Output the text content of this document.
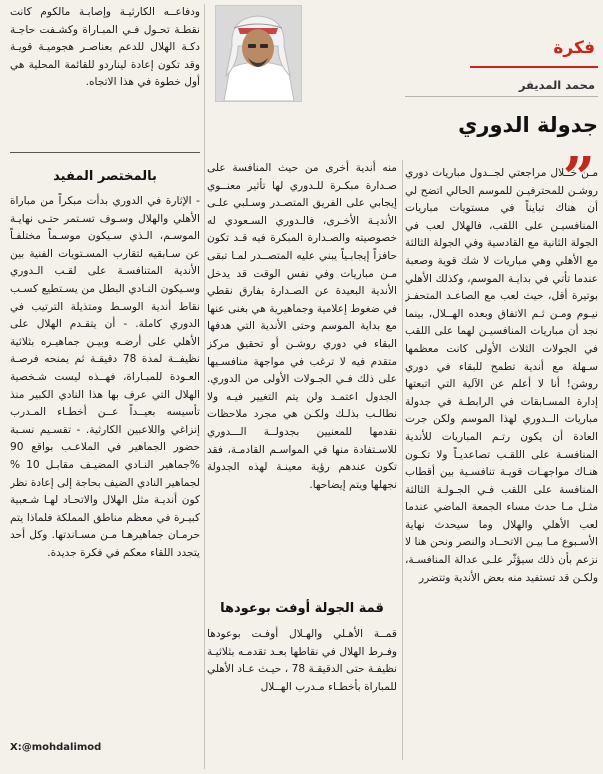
فكرة
محمد المديفر
جدولة الدوري
”

مـن خــلال مراجعتي لجــدول مباريات دوري روشـن للمحترفيـن للموسم الحالي اتضح لي أن هناك تبايناً في مستويات مباريات المنافسيـن على اللقب، فالهلال لعب في الجولة الثانية مع القادسية وفي الجولة الثالثة مع الأهلي وهي مباريات لا شك قوية وصعبة عندما تأتي في بدايـة الموسم، وكذلك الأهلي بوتيرة أقل، حيث لعب مع الصاعـد المتحفـز نيـوم ومـن ثـم الاتفاق وبعده الهــلال، بينما نجد أن مباريات المنافسيـن لهما على اللقب في الجولات الثلاث الأولى كانت معظمها سـهلة مع أندية تطمح للبقاء في دوري روشن! أنا لا أعلم عن الآلية التي اتبعتها إدارة المسـابقات في الرابطـة في جدولة مباريات الــدوري لهذا الموسم ولكن جرت العادة أن يكون رتـم المباريات للأندية المنافسـة على اللقـب تصاعديـاً ولا تكـون هنـاك مواجهـات قويـة تنافسـية بين أقطاب المنافسة على اللقب فـي الجـولـة الثالثة مثـل مـا حدث مساء الجمعة الماضي عندما لعب الأهلي والهلال وما سيحدث نهاية الأسـبوع مـا بيـن الاتحــاد والنصر ونحن هنا لا نزعم بأن ذلك سيؤثّر علـى عدالة المنافسـة، ولكـن قد تستفيد منه بعض الأندية وتتضرر

منه أندية أخرى من حيث المنافسة على صـدارة مبكـرة للـدوري لها تأثير معنــوي إيجابي على الفريق المتصـدر وسـلبي علـى الأنديـة الأخـرى، فالـدوري السـعودي له خصوصيته والصـدارة المبكرة فيه قـد تكون حافزاً إيجابـياً يبني عليه المتصــدر لمـا تبقى مـن مباريات وفي نفس الوقت قد يدخل الأندية البعيدة عن الصـدارة بفارق نقطي في ضغوط إعلامية وجماهيرية هي بغنى عنها مع بداية الموسم وحتى الأندية التي هدفها البقاء في دوري روشـن أو تحقيق مركز متقدم فيه لا ترغب في مواجهة منافسـيها على ذلك فـي الجـولات الأولى من الدوري. الجدول اعتمـد ولن يتم التغيير فيـه ولا نطالـب بذلـك ولكـن هي مجرد ملاحظات نقدمها للمعنيين بجدولــة الـــدوري للاسـتفادة منها في المواسـم القادمـة، فقد تكون عندهم رؤية معينـة لهذه الجدولة نجهلها ويتم إيضاحها.

قمة الجولة أوفت بوعودها

قمــة الأهـلي والهـلال أوفـت بوعودها وفـرط الهلال في نقاطها بعـد تقدمـه بثلاثيـة نظيفـة حتى الدقيقـة 78 ، حيـث عـاد الأهلي للمباراة بأخطـاء مـدرب الهــلال

ودفاعــه الكارثيـة وإصابـة مالكوم كانت نقطـة تحـول فـي المبـاراة وكشـفت حاجـة دكـة الهلال للدعم بعناصـر هجوميـة قويـة وقد تكون إعادة ليناردو للقائمة المحلية هي أول خطوة في هذا الاتجاه.

بالمختصر المفيد

- الإثارة في الدوري بدأت مبكراً من مباراة الأهلي والهلال وسـوف تسـتمر حتـى نهايـة الموسـم، الـذي سـيكون موسـماً مختلفـاً عن سـابقيه لتقارب المسـتويات الفنية بين الأندية المتنافسـة على لقـب الـدوري وسـيكون النـادي البطل من يسـتطيع كسـب نقاط أندية الوسـط ومتذيلة الترتيب في الدوري كاملة. - أن يتقـدم الهلال على الأهلي على أرضـه وبيـن جماهيـره بثلاثية نظيفــة لمدة 78 دقيقـة ثم يمنحه فرصـة العـودة للمبـاراة، فهــذه ليست شـخصية الهلال التي عرف بها هذا النادي الكبير منذ تأسيسه بعيــداً عــن أخطـاء المـدرب إنزاغي واللاعبين الكارثية. - تقسـيم نسـبة حضور الجماهير في الملاعـب بواقع 90 %جماهير النـادي المضيـف مقابـل 10 % لجماهير النادي الضيف بحاجة إلى إعادة نظر كون أنديـة مثل الهلال والاتحـاد لهـا شـعبية كبيـرة في معظم مناطق المملكة فلماذا يتم حرمـان جماهيرهـا مـن مسـاندتها. وكل أحد يتجدد اللقاء معكم في فكرة جديدة.

X:@mohdalimod
